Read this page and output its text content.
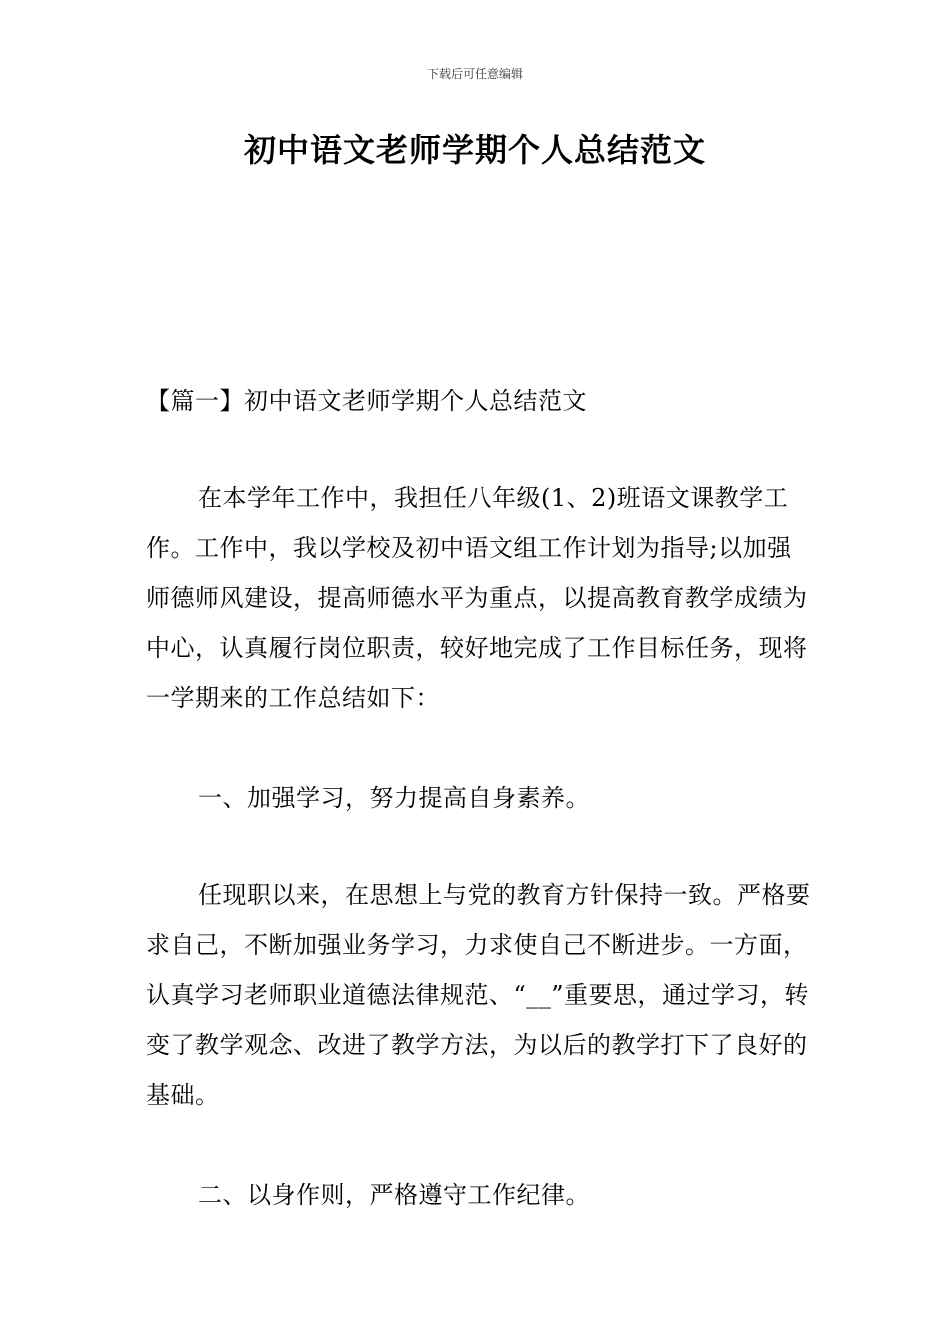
下载后可任意编辑
初中语文老师学期个人总结范文
【篇一】初中语文老师学期个人总结范文

在本学年工作中，我担任八年级(1、2)班语文课教学工作。工作中，我以学校及初中语文组工作计划为指导;以加强师德师风建设，提高师德水平为重点，以提高教育教学成绩为中心，认真履行岗位职责，较好地完成了工作目标任务，现将一学期来的工作总结如下：

一、加强学习，努力提高自身素养。

任现职以来，在思想上与党的教育方针保持一致。严格要求自己，不断加强业务学习，力求使自己不断进步。一方面，认真学习老师职业道德法律规范、“__”重要思，通过学习，转变了教学观念、改进了教学方法，为以后的教学打下了良好的基础。

二、以身作则，严格遵守工作纪律。
